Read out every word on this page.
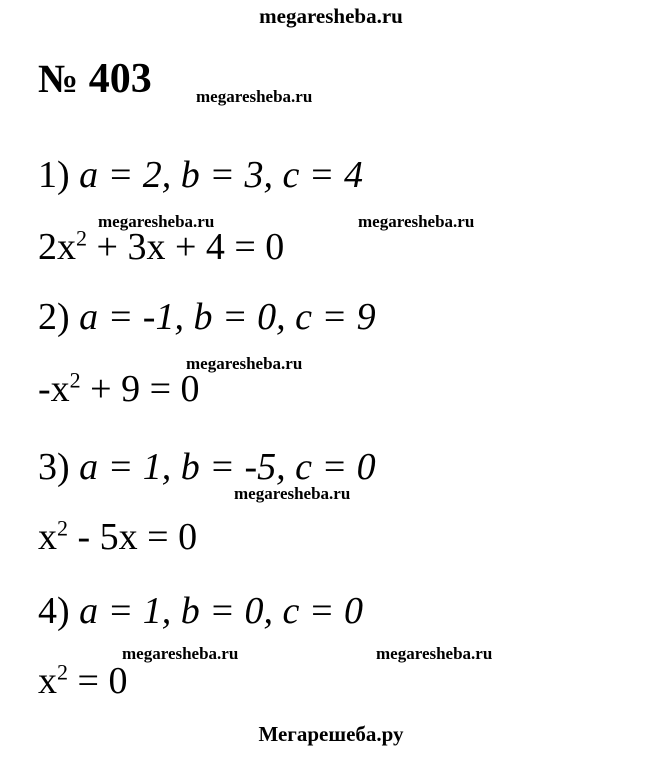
megaresheba.ru
№ 403	megaresheba.ru
1) a = 2, b = 3, c = 4
$2x^2 + 3x + 4 = 0$
megaresheba.ru	megaresheba.ru
2) a = -1, b = 0, c = 9
megaresheba.ru
$-x^2 + 9 = 0$
3) a = 1, b = -5, c = 0
megaresheba.ru
$x^2 - 5x = 0$
4) a = 1, b = 0, c = 0
megaresheba.ru	megaresheba.ru
$x^2 = 0$
Мегарешеба.ру
